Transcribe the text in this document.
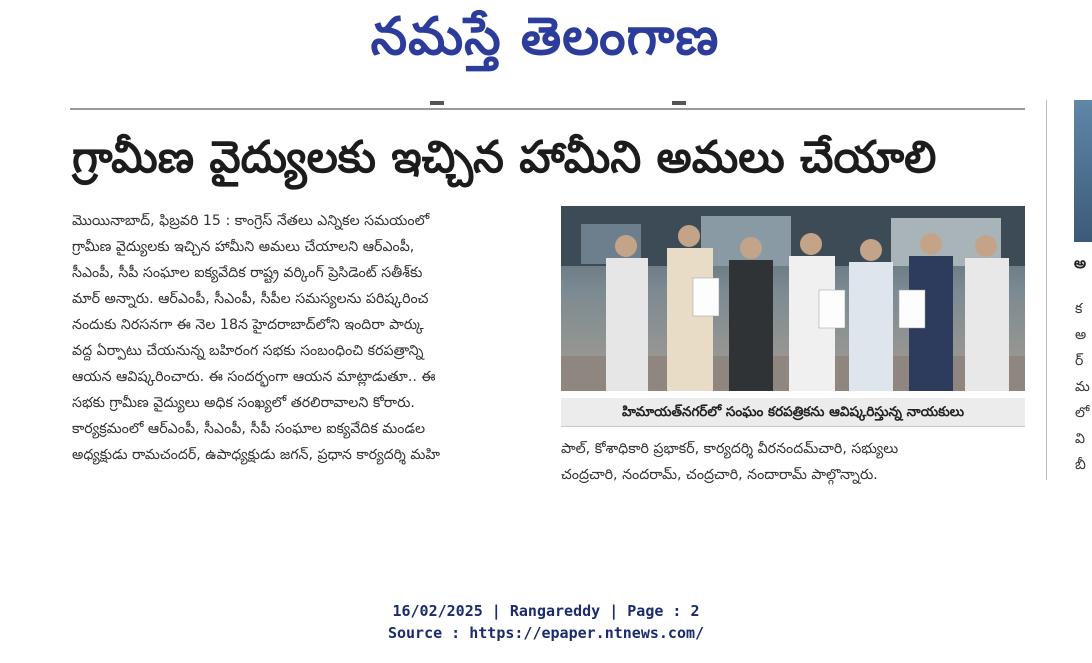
నమస్తే తెలంగాణ
గ్రామీణ వైద్యులకు ఇచ్చిన హామీని అమలు చేయాలి

మొయినాబాద్, ఫిబ్రవరి 15 : కాంగ్రెస్ నేతలు ఎన్నికల సమయంలో

గ్రామీణ వైద్యులకు ఇచ్చిన హామీని అమలు చేయాలని ఆర్ఎంపీ,

సీఎంపీ, సీపీ సంఘాల ఐక్యవేదిక రాష్ట్ర వర్కింగ్ ప్రెసిడెంట్ సతీశ్‌కు

మార్ అన్నారు. ఆర్ఎంపీ, సీఎంపీ, సీపీల సమస్యలను పరిష్కరించ

నందుకు నిరసనగా ఈ నెల 18న హైదరాబాద్‌లోని ఇందిరా పార్కు

వద్ద ఏర్పాటు చేయనున్న బహిరంగ సభకు సంబంధించి కరపత్రాన్ని

ఆయన ఆవిష్కరించారు. ఈ సందర్భంగా ఆయన మాట్లాడుతూ.. ఈ

సభకు గ్రామీణ వైద్యులు అధిక సంఖ్యలో తరలిరావాలని కోరారు.

కార్యక్రమంలో ఆర్ఎంపీ, సీఎంపీ, సీపీ సంఘాల ఐక్యవేదిక మండల

అధ్యక్షుడు రామచందర్, ఉపాధ్యక్షుడు జగన్, ప్రధాన కార్యదర్శి మహి

హిమాయత్‌నగర్‌లో సంఘం కరపత్రికను ఆవిష్కరిస్తున్న నాయకులు

పాల్, కోశాధికారి ప్రభాకర్, కార్యదర్శి వీరనందమ్‌చారి, సభ్యులు

చంద్రచారి, నందరామ్, చంద్రచారి, నందారామ్ పాల్గొన్నారు.

అ
క
అ
ర్
మ
లో
వి
బీ
16/02/2025 | Rangareddy | Page : 2
Source : https://epaper.ntnews.com/
